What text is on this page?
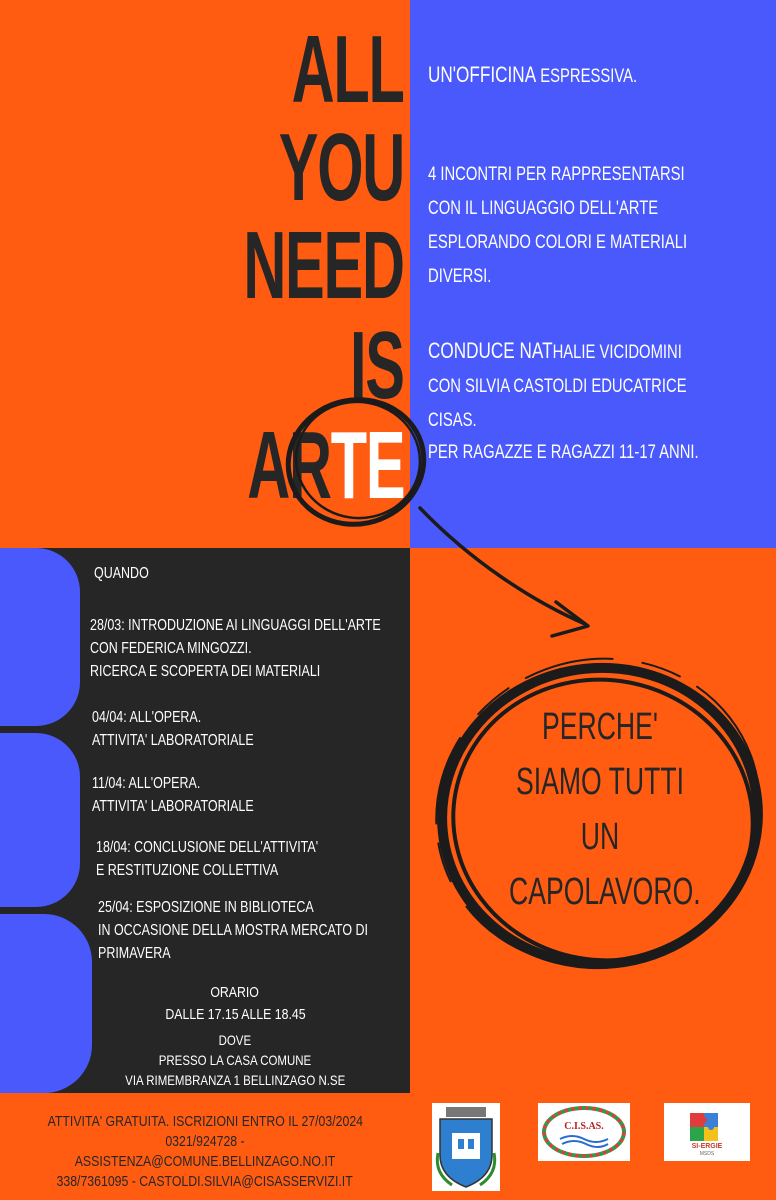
ALL
YOU
NEED
IS
ARTE
UN'OFFICINA ESPRESSIVA.
4 INCONTRI PER RAPPRESENTARSI
CON IL LINGUAGGIO DELL'ARTE
ESPLORANDO COLORI E MATERIALI
DIVERSI.
CONDUCE NATHALIE VICIDOMINI
CON SILVIA CASTOLDI EDUCATRICE CISAS.
PER RAGAZZE E RAGAZZI 11-17 ANNI.
QUANDO
28/03: INTRODUZIONE AI LINGUAGGI DELL'ARTE
CON FEDERICA MINGOZZI.
RICERCA E SCOPERTA DEI MATERIALI
04/04: ALL'OPERA.
ATTIVITA' LABORATORIALE
11/04: ALL'OPERA.
ATTIVITA' LABORATORIALE
18/04: CONCLUSIONE DELL'ATTIVITA'
E RESTITUZIONE COLLETTIVA
25/04: ESPOSIZIONE IN BIBLIOTECA
IN OCCASIONE DELLA MOSTRA MERCATO DI
PRIMAVERA
ORARIO
DALLE 17.15 ALLE 18.45
DOVE
PRESSO LA CASA COMUNE
VIA RIMEMBRANZA 1 BELLINZAGO N.SE
PERCHE'
SIAMO TUTTI
UN
CAPOLAVORO.
ATTIVITA' GRATUITA. ISCRIZIONI ENTRO IL 27/03/2024
0321/924728 - ASSISTENZA@COMUNE.BELLINZAGO.NO.IT
338/7361095 - CASTOLDI.SILVIA@CISASSERVIZI.IT
C.I.S.AS.
SI-ERGIE
MSDS
